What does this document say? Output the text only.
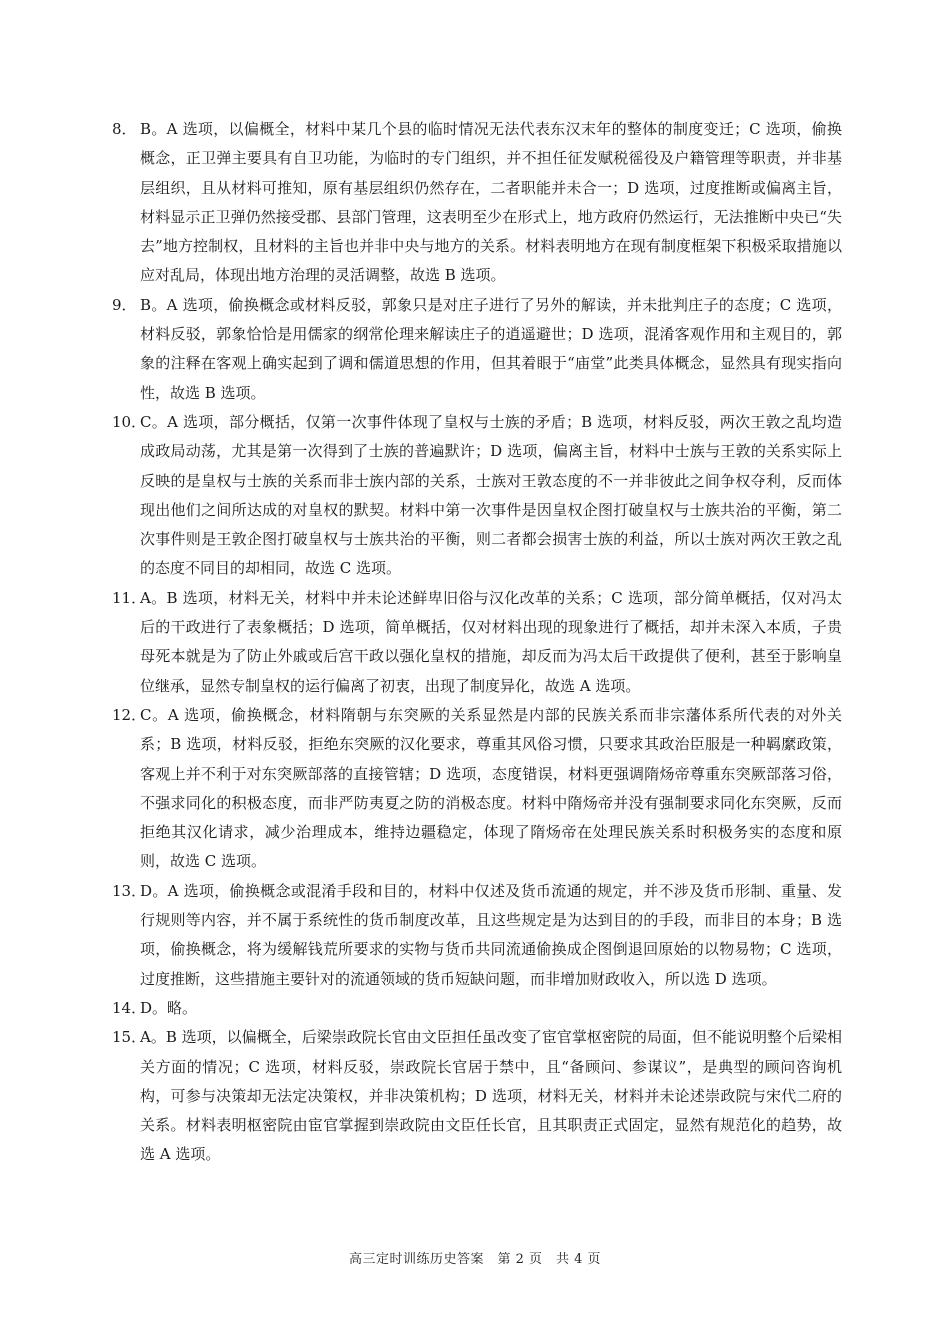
8． B。A 选项，以偏概全，材料中某几个县的临时情况无法代表东汉末年的整体的制度变迁；C 选项，偷换概念，正卫弹主要具有自卫功能，为临时的专门组织，并不担任征发赋税徭役及户籍管理等职责，并非基层组织，且从材料可推知，原有基层组织仍然存在，二者职能并未合一；D 选项，过度推断或偏离主旨，材料显示正卫弹仍然接受郡、县部门管理，这表明至少在形式上，地方政府仍然运行，无法推断中央已“失去”地方控制权，且材料的主旨也并非中央与地方的关系。材料表明地方在现有制度框架下积极采取措施以应对乱局，体现出地方治理的灵活调整，故选 B 选项。
9． B。A 选项，偷换概念或材料反驳，郭象只是对庄子进行了另外的解读，并未批判庄子的态度；C 选项，材料反驳，郭象恰恰是用儒家的纲常伦理来解读庄子的逍遥避世；D 选项，混淆客观作用和主观目的，郭象的注释在客观上确实起到了调和儒道思想的作用，但其着眼于“庙堂”此类具体概念，显然具有现实指向性，故选 B 选项。
10．
C。A 选项，部分概括，仅第一次事件体现了皇权与士族的矛盾；B 选项，材料反驳，两次王敦之乱均造成政局动荡，尤其是第一次得到了士族的普遍默许；D 选项，偏离主旨，材料中士族与王敦的关系实际上反映的是皇权与士族的关系而非士族内部的关系，士族对王敦态度的不一并非彼此之间争权夺利，反而体现出他们之间所达成的对皇权的默契。材料中第一次事件是因皇权企图打破皇权与士族共治的平衡，第二次事件则是王敦企图打破皇权与士族共治的平衡，则二者都会损害士族的利益，所以士族对两次王敦之乱的态度不同目的却相同，故选 C 选项。
11．
A。B 选项，材料无关，材料中并未论述鲜卑旧俗与汉化改革的关系；C 选项，部分简单概括，仅对冯太后的干政进行了表象概括；D 选项，简单概括，仅对材料出现的现象进行了概括，却并未深入本质，子贵母死本就是为了防止外戚或后宫干政以强化皇权的措施，却反而为冯太后干政提供了便利，甚至于影响皇位继承，显然专制皇权的运行偏离了初衷，出现了制度异化，故选 A 选项。
12．
C。A 选项，偷换概念，材料隋朝与东突厥的关系显然是内部的民族关系而非宗藩体系所代表的对外关系；B 选项，材料反驳，拒绝东突厥的汉化要求，尊重其风俗习惯，只要求其政治臣服是一种羁縻政策，客观上并不利于对东突厥部落的直接管辖；D 选项，态度错误，材料更强调隋炀帝尊重东突厥部落习俗，不强求同化的积极态度，而非严防夷夏之防的消极态度。材料中隋炀帝并没有强制要求同化东突厥，反而拒绝其汉化请求，减少治理成本，维持边疆稳定，体现了隋炀帝在处理民族关系时积极务实的态度和原则，故选 C 选项。
13．
D。A 选项，偷换概念或混淆手段和目的，材料中仅述及货币流通的规定，并不涉及货币形制、重量、发行规则等内容，并不属于系统性的货币制度改革，且这些规定是为达到目的的手段，而非目的本身；B 选项，偷换概念，将为缓解钱荒所要求的实物与货币共同流通偷换成企图倒退回原始的以物易物；C 选项，过度推断，这些措施主要针对的流通领域的货币短缺问题，而非增加财政收入，所以选 D 选项。
14．
D。略。
15．
A。B 选项，以偏概全，后梁崇政院长官由文臣担任虽改变了宦官掌枢密院的局面，但不能说明整个后梁相关方面的情况；C 选项，材料反驳，崇政院长官居于禁中，且“备顾问、参谋议”，是典型的顾问咨询机构，可参与决策却无法定决策权，并非决策机构；D 选项，材料无关，材料并未论述崇政院与宋代二府的关系。材料表明枢密院由宦官掌握到崇政院由文臣任长官，且其职责正式固定，显然有规范化的趋势，故选 A 选项。
高三定时训练历史答案　第 2 页　共 4 页
